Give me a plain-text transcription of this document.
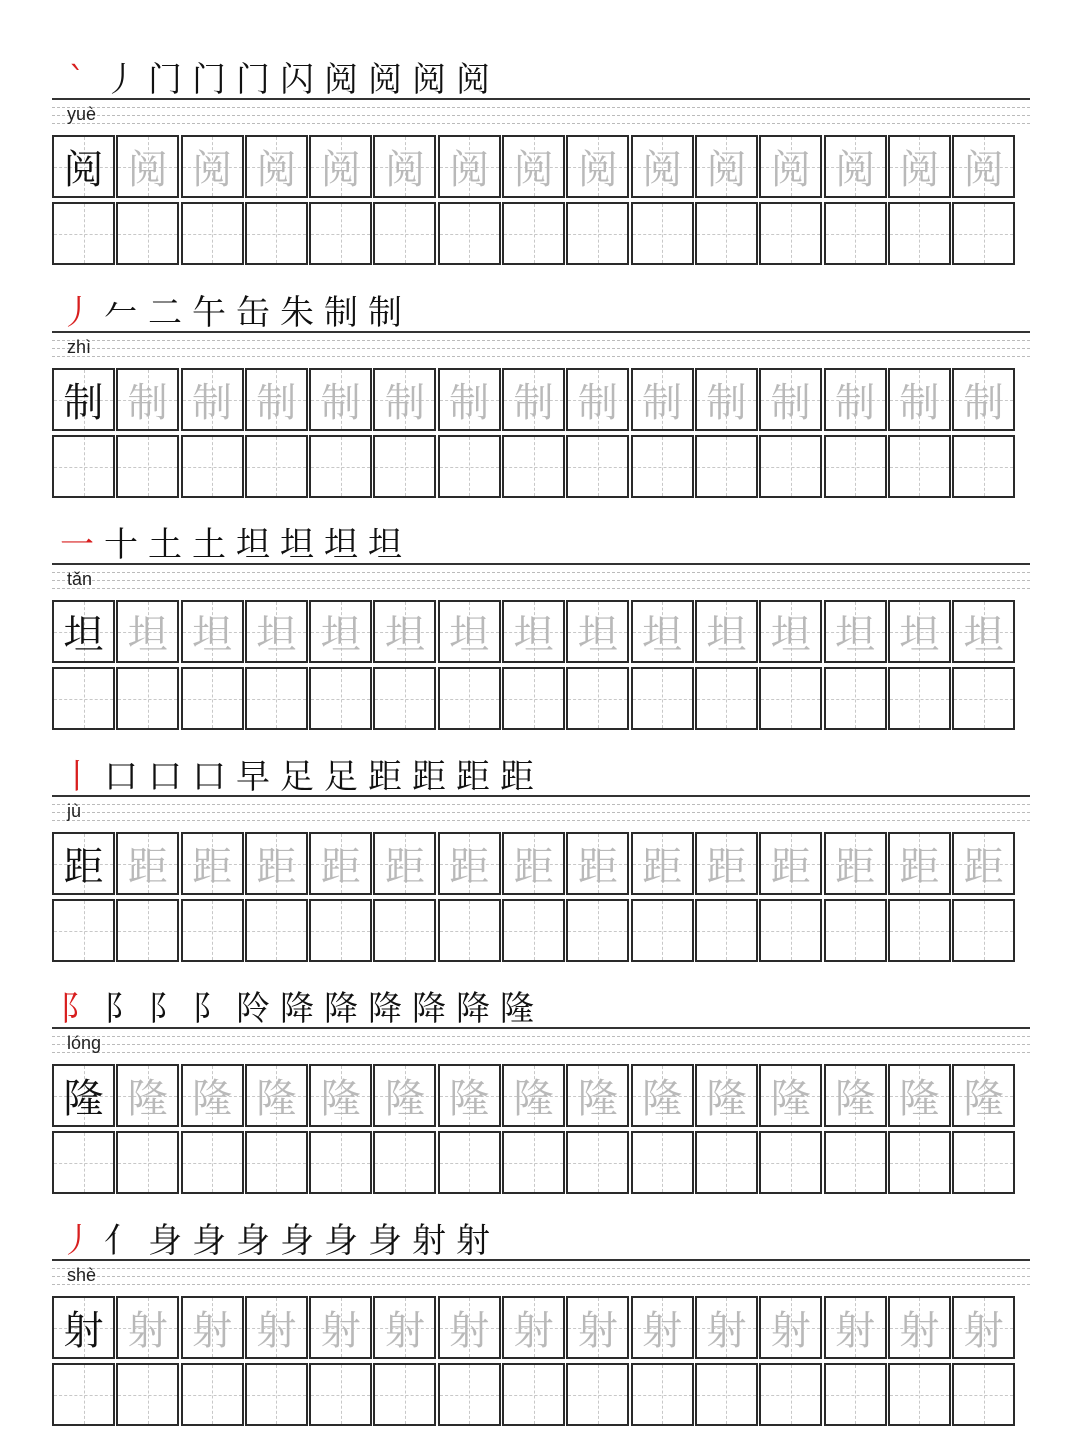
` 丿 门 门 门 闪 阅 阅 阅 阅
yuè
阅 阅 阅 阅 阅 阅 阅 阅 阅 阅 阅 阅 阅 阅 阅
丿 𠂉 二 午 缶 朱 制 制
zhì
制 制 制 制 制 制 制 制 制 制 制 制 制 制 制
一 十 土 土 坦 坦 坦 坦
tǎn
坦 坦 坦 坦 坦 坦 坦 坦 坦 坦 坦 坦 坦 坦 坦
丨 口 口 口 早 足 足 距 距 距 距
jù
距 距 距 距 距 距 距 距 距 距 距 距 距 距 距
阝 阝 阝 阝 阾 降 降 降 降 降 隆
lóng
隆 隆 隆 隆 隆 隆 隆 隆 隆 隆 隆 隆 隆 隆 隆
丿 亻 身 身 身 身 身 身 射 射
shè
射 射 射 射 射 射 射 射 射 射 射 射 射 射 射
